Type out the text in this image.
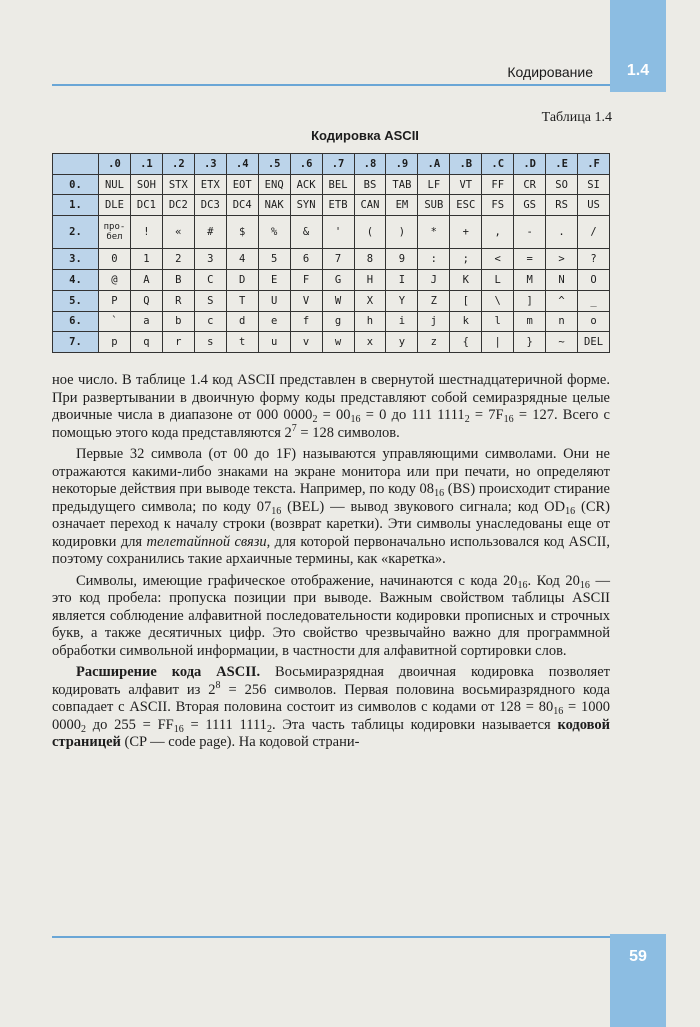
1.4
Кодирование
Таблица 1.4
Кодировка ASCII
	.0	.1	.2	.3	.4	.5	.6	.7	.8	.9	.A	.B	.C	.D	.E	.F
0.	NUL	SOH	STX	ETX	EOT	ENQ	ACK	BEL	BS	TAB	LF	VT	FF	CR	SO	SI
1.	DLE	DC1	DC2	DC3	DC4	NAK	SYN	ETB	CAN	EM	SUB	ESC	FS	GS	RS	US
2.	про-бел	!	«	#	$	%	&	'	(	)	*	+	,	-	.	/
3.	0	1	2	3	4	5	6	7	8	9	:	;	<	=	>	?
4.	@	A	B	C	D	E	F	G	H	I	J	K	L	M	N	O
5.	P	Q	R	S	T	U	V	W	X	Y	Z	[	\	]	^	_
6.	`	a	b	c	d	e	f	g	h	i	j	k	l	m	n	o
7.	p	q	r	s	t	u	v	w	x	y	z	{	|	}	~	DEL

ное число. В таблице 1.4 код ASCII представлен в свернутой шестнадцатеричной форме. При развертывании в двоичную форму коды представляют собой семиразрядные целые двоичные числа в диапазоне от 000 $0000_2 = 00_{16} = 0$ до 111 $1111_2 = 7F_{16} = 127$. Всего с помощью этого кода представляются $2^7 = 128$ символов.

Первые 32 символа (от 00 до 1F) называются управляющими символами. Они не отражаются какими-либо знаками на экране монитора или при печати, но определяют некоторые действия при выводе текста. Например, по коду $08_{16}$ (BS) происходит стирание предыдущего символа; по коду $07_{16}$ (BEL) — вывод звукового сигнала; код $OD_{16}$ (CR) означает переход к началу строки (возврат каретки). Эти символы унаследованы еще от кодировки для телетайпной связи, для которой первоначально использовался код ASCII, поэтому сохранились такие архаичные термины, как «каретка».

Символы, имеющие графическое отображение, начинаются с кода $20_{16}$. Код $20_{16}$ — это код пробела: пропуска позиции при выводе. Важным свойством таблицы ASCII является соблюдение алфавитной последовательности кодировки прописных и строчных букв, а также десятичных цифр. Это свойство чрезвычайно важно для программной обработки символьной информации, в частности для алфавитной сортировки слов.

Расширение кода ASCII. Восьмиразрядная двоичная кодировка позволяет кодировать алфавит из $2^8 = 256$ символов. Первая половина восьмиразрядного кода совпадает с ASCII. Вторая половина состоит из символов с кодами от $128 = 80_{16} = 1000$ $0000_2$ до $255 = FF_{16} = 1111$ $1111_2$. Эта часть таблицы кодировки называется кодовой страницей (CP — code page). На кодовой страни-

59
